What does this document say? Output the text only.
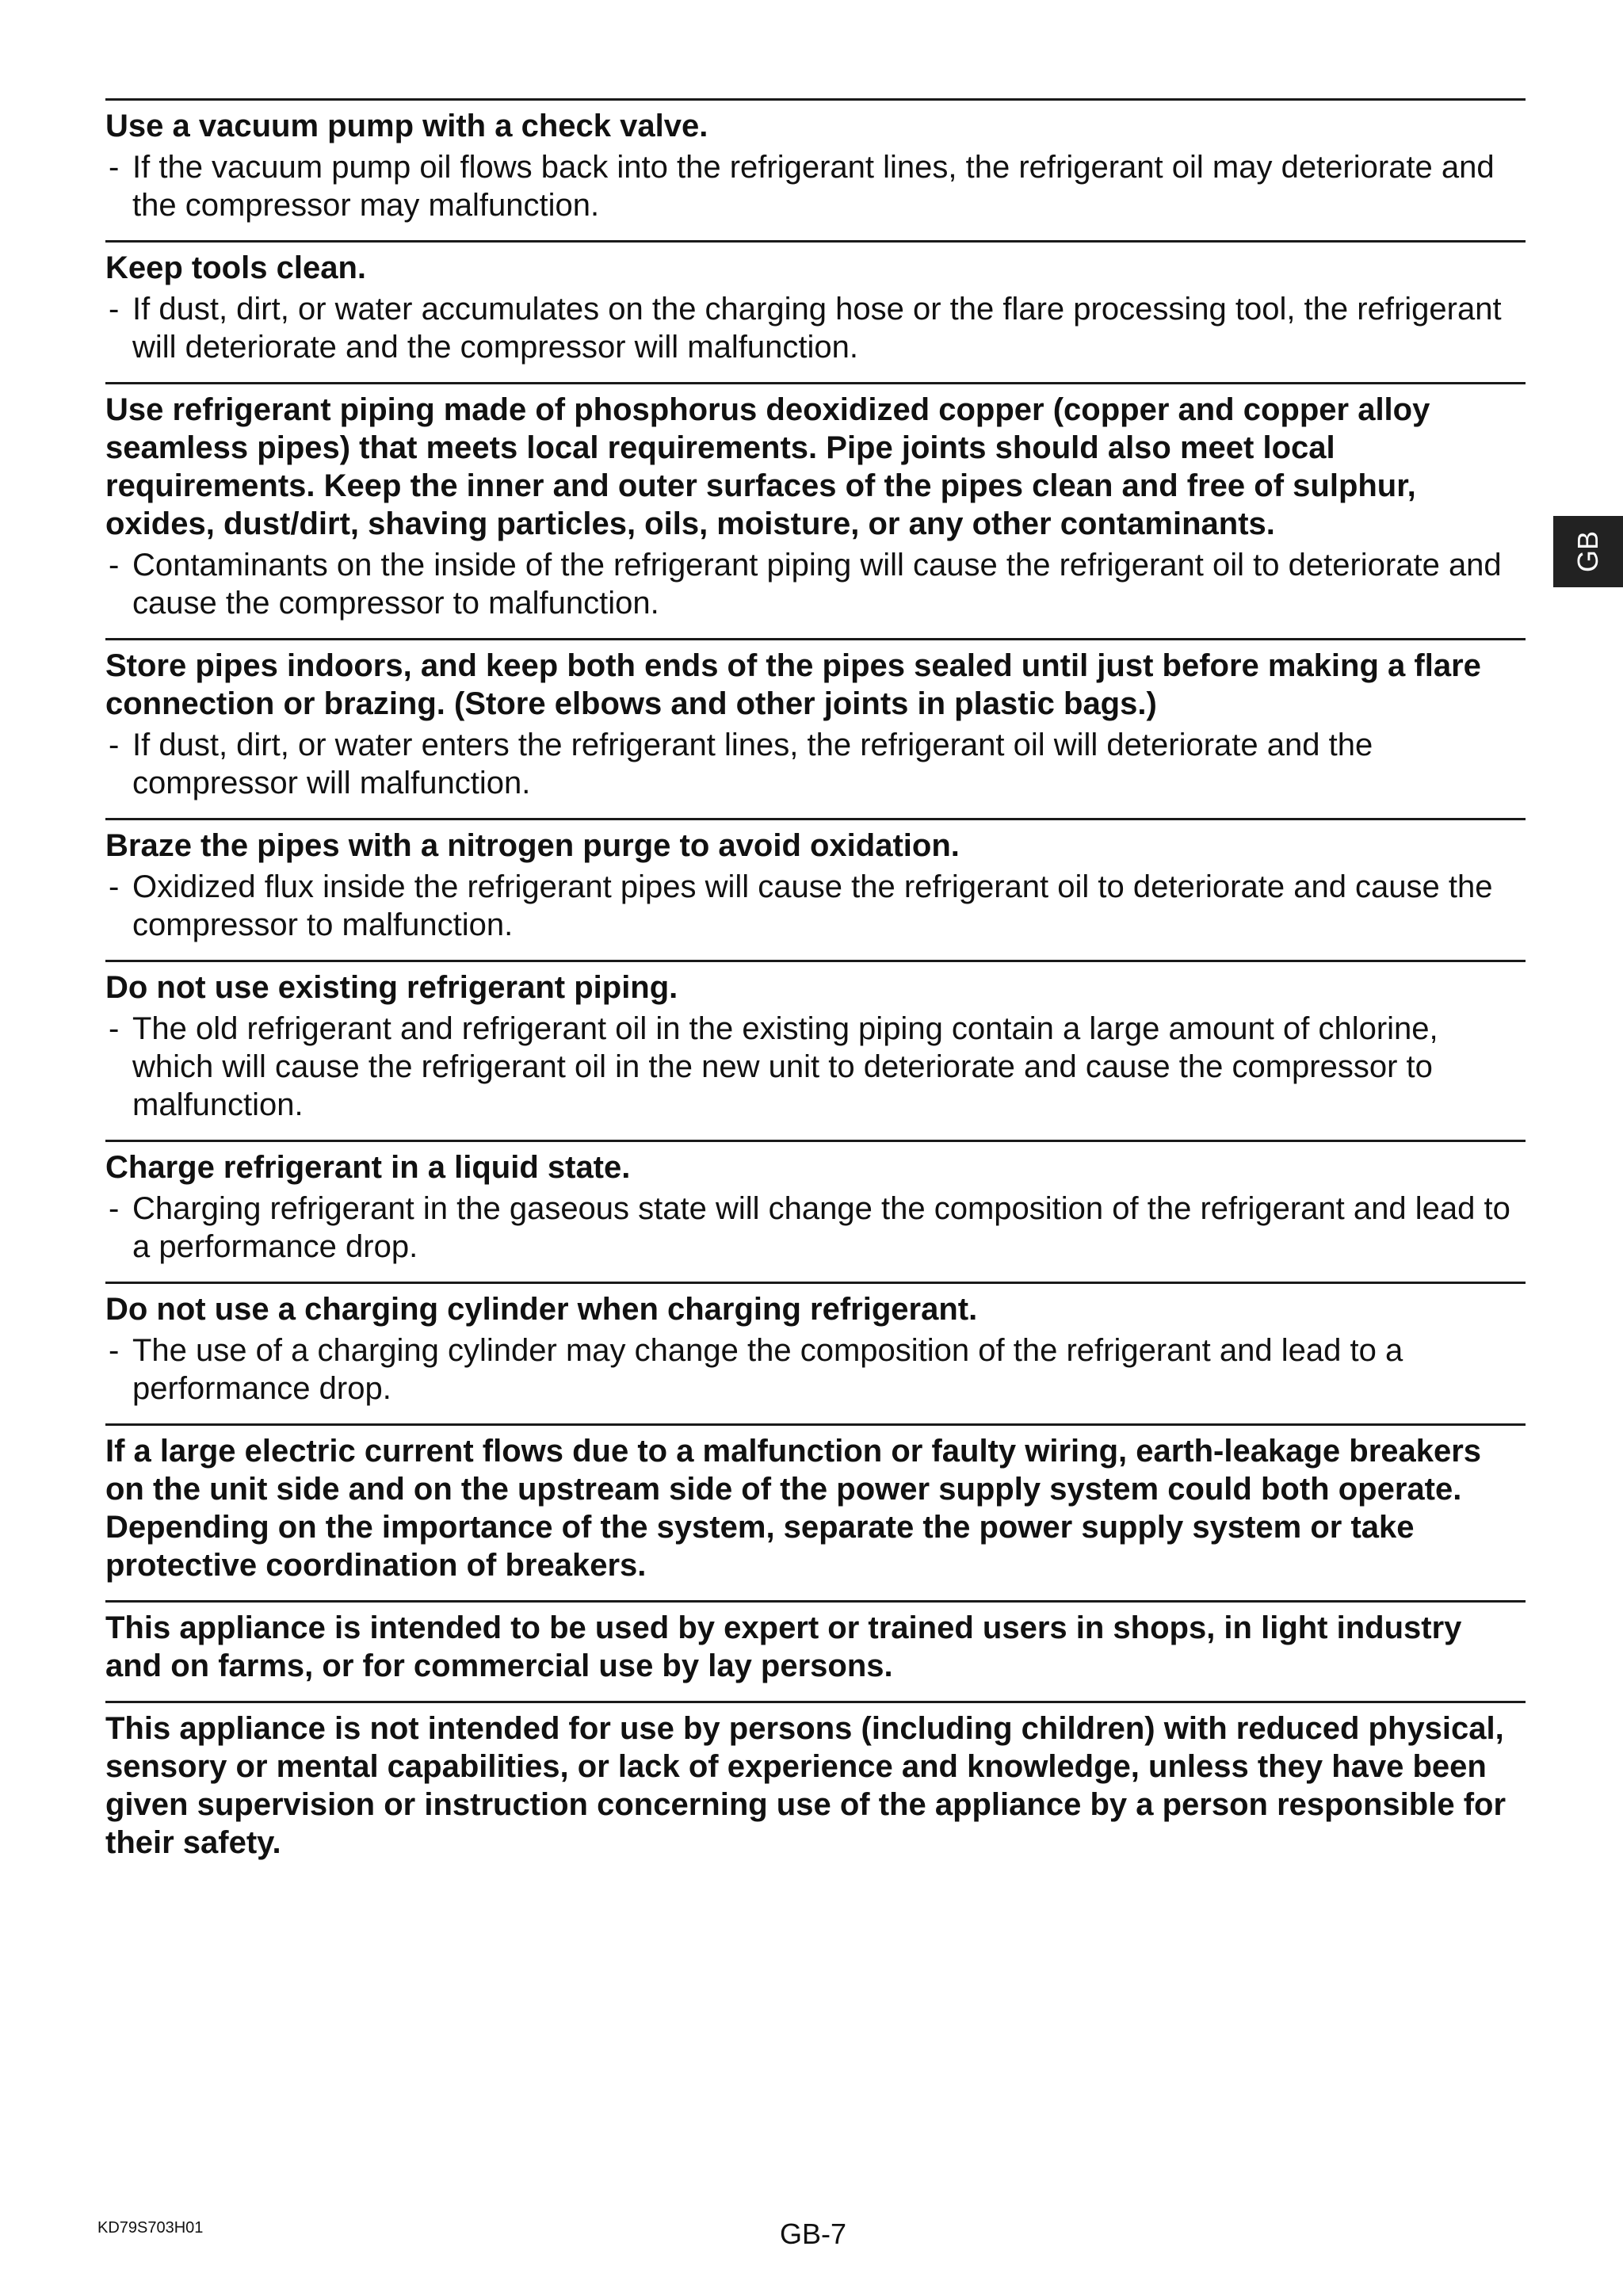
Use a vacuum pump with a check valve.

- If the vacuum pump oil flows back into the refrigerant lines, the refrigerant oil may deteriorate and the compressor may malfunction.

Keep tools clean.

- If dust, dirt, or water accumulates on the charging hose or the flare processing tool, the refrigerant will deteriorate and the compressor will malfunction.

Use refrigerant piping made of phosphorus deoxidized copper (copper and copper alloy seamless pipes) that meets local requirements. Pipe joints should also meet local requirements. Keep the inner and outer surfaces of the pipes clean and free of sulphur, oxides, dust/dirt, shaving particles, oils, moisture, or any other contaminants.

- Contaminants on the inside of the refrigerant piping will cause the refrigerant oil to deteriorate and cause the compressor to malfunction.

Store pipes indoors, and keep both ends of the pipes sealed until just before making a flare connection or brazing. (Store elbows and other joints in plastic bags.)

- If dust, dirt, or water enters the refrigerant lines, the refrigerant oil will deteriorate and the compressor will malfunction.

Braze the pipes with a nitrogen purge to avoid oxidation.

- Oxidized flux inside the refrigerant pipes will cause the refrigerant oil to deteriorate and cause the compressor to malfunction.

Do not use existing refrigerant piping.

- The old refrigerant and refrigerant oil in the existing piping contain a large amount of chlorine, which will cause the refrigerant oil in the new unit to deteriorate and cause the compressor to malfunction.

Charge refrigerant in a liquid state.

- Charging refrigerant in the gaseous state will change the composition of the refrigerant and lead to a performance drop.

Do not use a charging cylinder when charging refrigerant.

- The use of a charging cylinder may change the composition of the refrigerant and lead to a performance drop.

If a large electric current flows due to a malfunction or faulty wiring, earth-leakage breakers on the unit side and on the upstream side of the power supply system could both operate. Depending on the importance of the system, separate the power supply system or take protective coordination of breakers.

This appliance is intended to be used by expert or trained users in shops, in light industry and on farms, or for commercial use by lay persons.

This appliance is not intended for use by persons (including children) with reduced physical, sensory or mental capabilities, or lack of experience and knowledge, unless they have been given supervision or instruction concerning use of the appliance by a person responsible for their safety.

GB
KD79S703H01	GB-7
